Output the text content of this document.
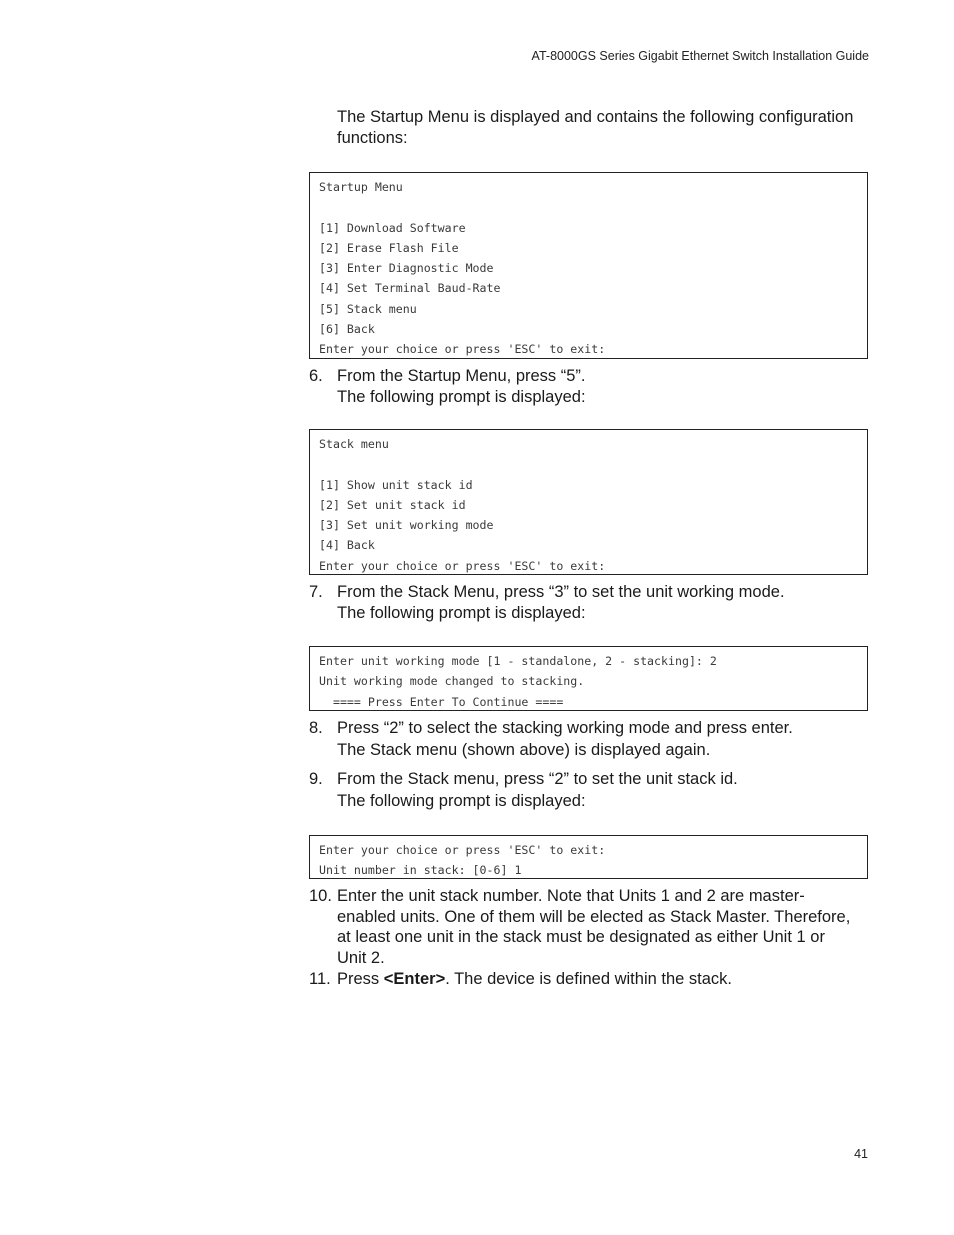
AT-8000GS Series Gigabit Ethernet Switch Installation Guide
The Startup Menu is displayed and contains the following configuration functions:
Startup Menu
[1] Download Software
[2] Erase Flash File
[3] Enter Diagnostic Mode
[4] Set Terminal Baud-Rate
[5] Stack menu
[6] Back
Enter your choice or press 'ESC' to exit:
6. From the Startup Menu, press “5”.
The following prompt is displayed:
Stack menu
[1] Show unit stack id
[2] Set unit stack id
[3] Set unit working mode
[4] Back
Enter your choice or press 'ESC' to exit:
7. From the Stack Menu, press “3” to set the unit working mode.
The following prompt is displayed:
Enter unit working mode [1 - standalone, 2 - stacking]: 2
Unit working mode changed to stacking.
==== Press Enter To Continue ====
8. Press “2” to select the stacking working mode and press enter.
The Stack menu (shown above) is displayed again.
9. From the Stack menu, press “2” to set the unit stack id.
The following prompt is displayed:
Enter your choice or press 'ESC' to exit:
Unit number in stack: [0-6] 1
10. Enter the unit stack number. Note that Units 1 and 2 are master-
enabled units. One of them will be elected as Stack Master. Therefore,
at least one unit in the stack must be designated as either Unit 1 or
Unit 2.
11. Press <Enter>. The device is defined within the stack.
41
